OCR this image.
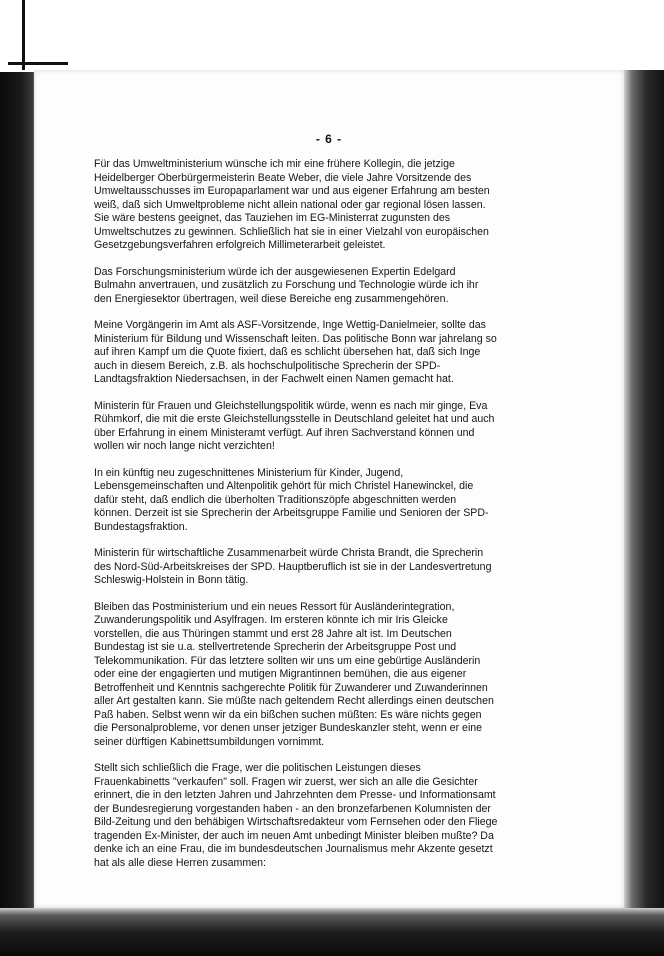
- 6 -

Für das Umweltministerium wünsche ich mir eine frühere Kollegin, die jetzige
Heidelberger Oberbürgermeisterin Beate Weber, die viele Jahre Vorsitzende des
Umweltausschusses im Europaparlament war und aus eigener Erfahrung am besten
weiß, daß sich Umweltprobleme nicht allein national oder gar regional lösen lassen.
Sie wäre bestens geeignet, das Tauziehen im EG-Ministerrat zugunsten des
Umweltschutzes zu gewinnen. Schließlich hat sie in einer Vielzahl von europäischen
Gesetzgebungsverfahren erfolgreich Millimeterarbeit geleistet.

Das Forschungsministerium würde ich der ausgewiesenen Expertin Edelgard
Bulmahn anvertrauen, und zusätzlich zu Forschung und Technologie würde ich ihr
den Energiesektor übertragen, weil diese Bereiche eng zusammengehören.

Meine Vorgängerin im Amt als ASF-Vorsitzende, Inge Wettig-Danielmeier, sollte das
Ministerium für Bildung und Wissenschaft leiten. Das politische Bonn war jahrelang so
auf ihren Kampf um die Quote fixiert, daß es schlicht übersehen hat, daß sich Inge
auch in diesem Bereich, z.B. als hochschulpolitische Sprecherin der SPD-
Landtagsfraktion Niedersachsen, in der Fachwelt einen Namen gemacht hat.

Ministerin für Frauen und Gleichstellungspolitik würde, wenn es nach mir ginge, Eva
Rühmkorf, die mit die erste Gleichstellungsstelle in Deutschland geleitet hat und auch
über Erfahrung in einem Ministeramt verfügt. Auf ihren Sachverstand können und
wollen wir noch lange nicht verzichten!

In ein künftig neu zugeschnittenes Ministerium für Kinder, Jugend,
Lebensgemeinschaften und Altenpolitik gehört für mich Christel Hanewinckel, die
dafür steht, daß endlich die überholten Traditionszöpfe abgeschnitten werden
können. Derzeit ist sie Sprecherin der Arbeitsgruppe Familie und Senioren der SPD-
Bundestagsfraktion.

Ministerin für wirtschaftliche Zusammenarbeit würde Christa Brandt, die Sprecherin
des Nord-Süd-Arbeitskreises der SPD. Hauptberuflich ist sie in der Landesvertretung
Schleswig-Holstein in Bonn tätig.

Bleiben das Postministerium und ein neues Ressort für Ausländerintegration,
Zuwanderungspolitik und Asylfragen. Im ersteren könnte ich mir Iris Gleicke
vorstellen, die aus Thüringen stammt und erst 28 Jahre alt ist. Im Deutschen
Bundestag ist sie u.a. stellvertretende Sprecherin der Arbeitsgruppe Post und
Telekommunikation. Für das letztere sollten wir uns um eine gebürtige Ausländerin
oder eine der engagierten und mutigen Migrantinnen bemühen, die aus eigener
Betroffenheit und Kenntnis sachgerechte Politik für Zuwanderer und Zuwanderinnen
aller Art gestalten kann. Sie müßte nach geltendem Recht allerdings einen deutschen
Paß haben. Selbst wenn wir da ein bißchen suchen müßten: Es wäre nichts gegen
die Personalprobleme, vor denen unser jetziger Bundeskanzler steht, wenn er eine
seiner dürftigen Kabinettsumbildungen vornimmt.

Stellt sich schließlich die Frage, wer die politischen Leistungen dieses
Frauenkabinetts "verkaufen" soll. Fragen wir zuerst, wer sich an alle die Gesichter
erinnert, die in den letzten Jahren und Jahrzehnten dem Presse- und Informationsamt
der Bundesregierung vorgestanden haben - an den bronzefarbenen Kolumnisten der
Bild-Zeitung und den behäbigen Wirtschaftsredakteur vom Fernsehen oder den Fliege
tragenden Ex-Minister, der auch im neuen Amt unbedingt Minister bleiben mußte? Da
denke ich an eine Frau, die im bundesdeutschen Journalismus mehr Akzente gesetzt
hat als alle diese Herren zusammen:
